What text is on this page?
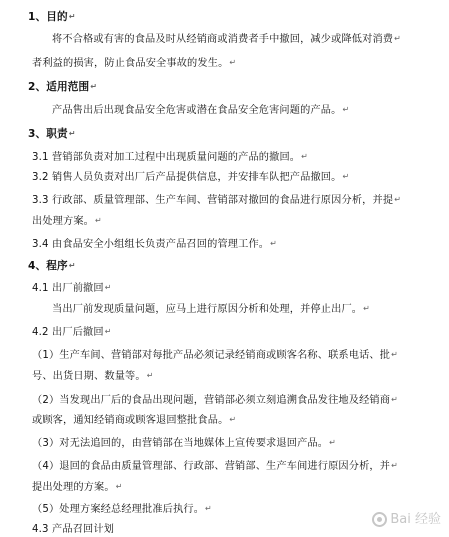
1、目的↵
将不合格或有害的食品及时从经销商或消费者手中撤回，减少或降低对消费↵
者利益的损害，防止食品安全事故的发生。↵
2、适用范围↵
产品售出后出现食品安全危害或潜在食品安全危害问题的产品。↵
3、职责↵
3.1 营销部负责对加工过程中出现质量问题的产品的撤回。↵
3.2 销售人员负责对出厂后产品提供信息，并安排车队把产品撤回。↵
3.3 行政部、质量管理部、生产车间、营销部对撤回的食品进行原因分析，并提↵
出处理方案。↵
3.4 由食品安全小组组长负责产品召回的管理工作。↵
4、程序↵
4.1 出厂前撤回↵
当出厂前发现质量问题，应马上进行原因分析和处理，并停止出厂。↵
4.2 出厂后撤回↵
（1）生产车间、营销部对每批产品必须记录经销商或顾客名称、联系电话、批↵
号、出货日期、数量等。↵
（2）当发现出厂后的食品出现问题，营销部必须立刻追溯食品发往地及经销商↵
或顾客，通知经销商或顾客退回整批食品。↵
（3）对无法追回的，由营销部在当地媒体上宣传要求退回产品。↵
（4）退回的食品由质量管理部、行政部、营销部、生产车间进行原因分析，并↵
提出处理的方案。↵
（5）处理方案经总经理批准后执行。↵
4.3 产品召回计划
Bai 经验
